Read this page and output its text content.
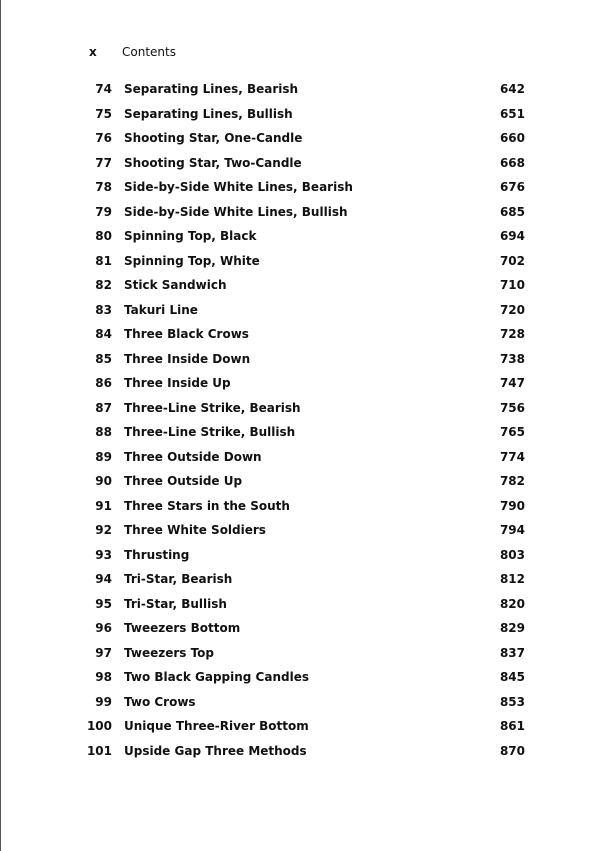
x	Contents
74	Separating Lines, Bearish	642
75	Separating Lines, Bullish	651
76	Shooting Star, One-Candle	660
77	Shooting Star, Two-Candle	668
78	Side-by-Side White Lines, Bearish	676
79	Side-by-Side White Lines, Bullish	685
80	Spinning Top, Black	694
81	Spinning Top, White	702
82	Stick Sandwich	710
83	Takuri Line	720
84	Three Black Crows	728
85	Three Inside Down	738
86	Three Inside Up	747
87	Three-Line Strike, Bearish	756
88	Three-Line Strike, Bullish	765
89	Three Outside Down	774
90	Three Outside Up	782
91	Three Stars in the South	790
92	Three White Soldiers	794
93	Thrusting	803
94	Tri-Star, Bearish	812
95	Tri-Star, Bullish	820
96	Tweezers Bottom	829
97	Tweezers Top	837
98	Two Black Gapping Candles	845
99	Two Crows	853
100	Unique Three-River Bottom	861
101	Upside Gap Three Methods	870
